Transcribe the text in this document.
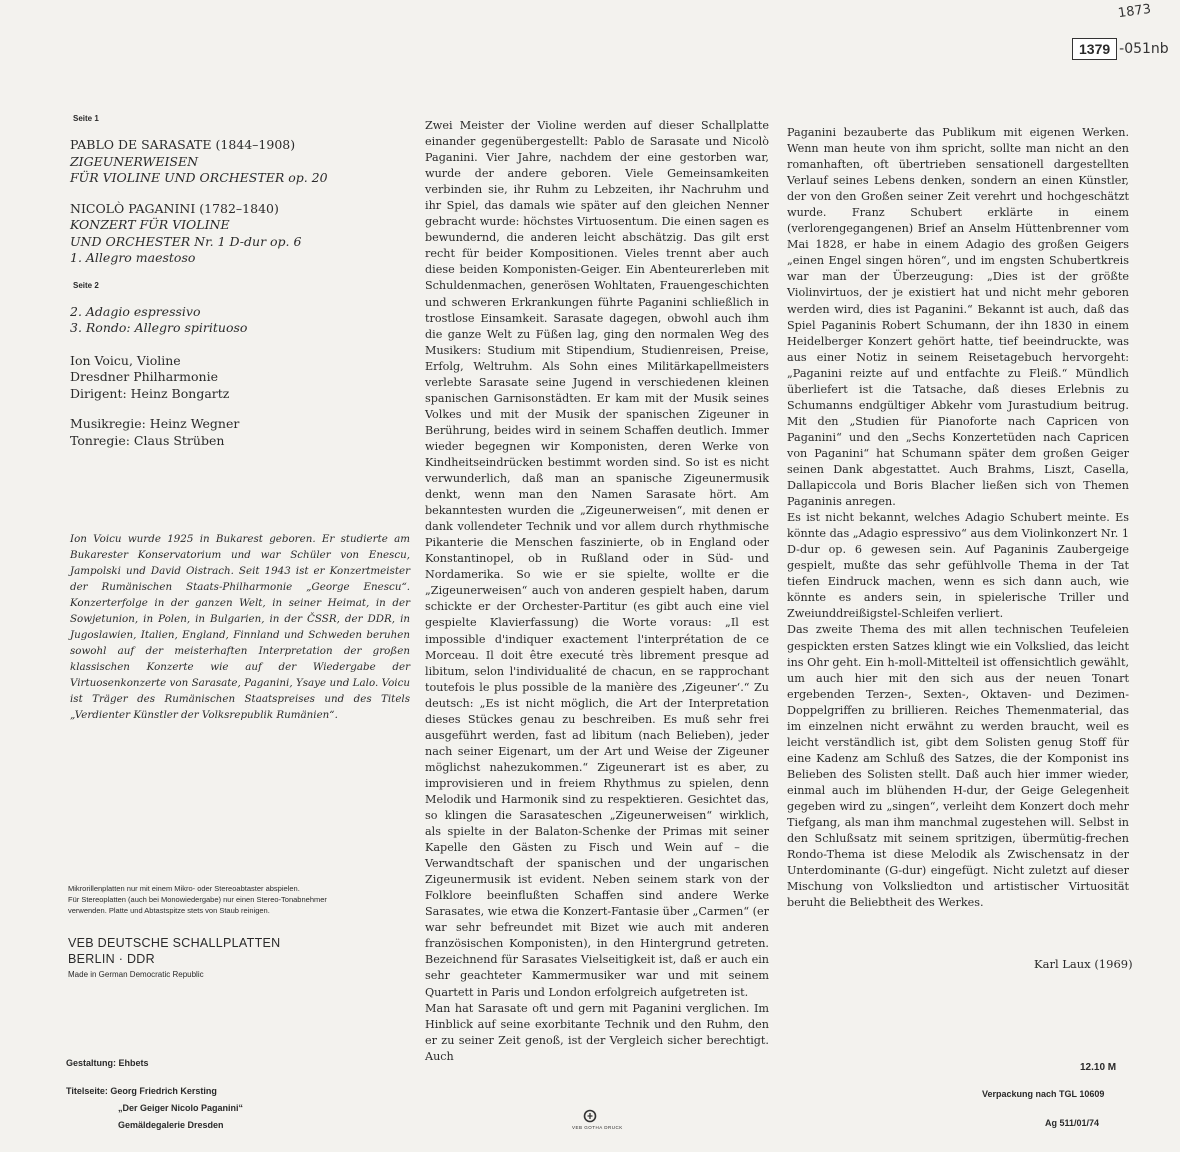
1873
1379 -051nb
Seite 1
PABLO DE SARASATE (1844–1908)
ZIGEUNERWEISEN
FÜR VIOLINE UND ORCHESTER op. 20
NICOLÒ PAGANINI (1782–1840)
KONZERT FÜR VIOLINE
UND ORCHESTER Nr. 1 D-dur op. 6
1. Allegro maestoso
Seite 2
2. Adagio espressivo
3. Rondo: Allegro spirituoso
Ion Voicu, Violine
Dresdner Philharmonie
Dirigent: Heinz Bongartz
Musikregie: Heinz Wegner
Tonregie: Claus Strüben
Ion Voicu wurde 1925 in Bukarest geboren. Er studierte am Bukarester Konservatorium und war Schüler von Enescu, Jampolski und David Oistrach. Seit 1943 ist er Konzertmeister der Rumänischen Staats-Philharmonie „George Enescu“. Konzerterfolge in der ganzen Welt, in seiner Heimat, in der Sowjetunion, in Polen, in Bulgarien, in der ČSSR, der DDR, in Jugoslawien, Italien, England, Finnland und Schweden beruhen sowohl auf der meisterhaften Interpretation der großen klassischen Konzerte wie auf der Wiedergabe der Virtuosenkonzerte von Sarasate, Paganini, Ysaye und Lalo. Voicu ist Träger des Rumänischen Staatspreises und des Titels „Verdienter Künstler der Volksrepublik Rumänien“.
Mikrorillenplatten nur mit einem Mikro- oder Stereoabtaster abspielen.
Für Stereoplatten (auch bei Monowiedergabe) nur einen Stereo-Tonabnehmer
verwenden. Platte und Abtastspitze stets von Staub reinigen.
VEB DEUTSCHE SCHALLPLATTEN
BERLIN · DDR
Made in German Democratic Republic
Gestaltung: Ehbets
Titelseite: Georg Friedrich Kersting
„Der Geiger Nicolo Paganini“
Gemäldegalerie Dresden	VEB GOTHA DRUCK
12.10 M
Verpackung nach TGL 10609
Ag 511/01/74

Zwei Meister der Violine werden auf dieser Schallplatte einander gegenübergestellt: Pablo de Sarasate und Nicolò Paganini. Vier Jahre, nachdem der eine gestorben war, wurde der andere geboren. Viele Gemeinsamkeiten verbinden sie, ihr Ruhm zu Lebzeiten, ihr Nachruhm und ihr Spiel, das damals wie später auf den gleichen Nenner gebracht wurde: höchstes Virtuosentum. Die einen sagen es bewundernd, die anderen leicht abschätzig. Das gilt erst recht für beider Kompositionen. Vieles trennt aber auch diese beiden Komponisten-Geiger. Ein Abenteurerleben mit Schuldenmachen, generösen Wohltaten, Frauengeschichten und schweren Erkrankungen führte Paganini schließlich in trostlose Einsamkeit. Sarasate dagegen, obwohl auch ihm die ganze Welt zu Füßen lag, ging den normalen Weg des Musikers: Studium mit Stipendium, Studienreisen, Preise, Erfolg, Weltruhm. Als Sohn eines Militärkapellmeisters verlebte Sarasate seine Jugend in verschiedenen kleinen spanischen Garnisonstädten. Er kam mit der Musik seines Volkes und mit der Musik der spanischen Zigeuner in Berührung, beides wird in seinem Schaffen deutlich. Immer wieder begegnen wir Komponisten, deren Werke von Kindheitseindrücken bestimmt worden sind. So ist es nicht verwunderlich, daß man an spanische Zigeunermusik denkt, wenn man den Namen Sarasate hört. Am bekanntesten wurden die „Zigeunerweisen“, mit denen er dank vollendeter Technik und vor allem durch rhythmische Pikanterie die Menschen faszinierte, ob in England oder Konstantinopel, ob in Rußland oder in Süd- und Nordamerika. So wie er sie spielte, wollte er die „Zigeunerweisen“ auch von anderen gespielt haben, darum schickte er der Orchester-Partitur (es gibt auch eine viel gespielte Klavierfassung) die Worte voraus: „Il est impossible d'indiquer exactement l'interprétation de ce Morceau. Il doit être executé très librement presque ad libitum, selon l'individualité de chacun, en se rapprochant toutefois le plus possible de la manière des ‚Zigeuner‘.“ Zu deutsch: „Es ist nicht möglich, die Art der Interpretation dieses Stückes genau zu beschreiben. Es muß sehr frei ausgeführt werden, fast ad libitum (nach Belieben), jeder nach seiner Eigenart, um der Art und Weise der Zigeuner möglichst nahezukommen.“ Zigeunerart ist es aber, zu improvisieren und in freiem Rhythmus zu spielen, denn Melodik und Harmonik sind zu respektieren. Gesichtet das, so klingen die Sarasateschen „Zigeunerweisen“ wirklich, als spielte in der Balaton-Schenke der Primas mit seiner Kapelle den Gästen zu Fisch und Wein auf – die Verwandtschaft der spanischen und der ungarischen Zigeunermusik ist evident. Neben seinem stark von der Folklore beeinflußten Schaffen sind andere Werke Sarasates, wie etwa die Konzert-Fantasie über „Carmen“ (er war sehr befreundet mit Bizet wie auch mit anderen französischen Komponisten), in den Hintergrund getreten. Bezeichnend für Sarasates Vielseitigkeit ist, daß er auch ein sehr geachteter Kammermusiker war und mit seinem Quartett in Paris und London erfolgreich aufgetreten ist.

Man hat Sarasate oft und gern mit Paganini verglichen. Im Hinblick auf seine exorbitante Technik und den Ruhm, den er zu seiner Zeit genoß, ist der Vergleich sicher berechtigt. Auch

Paganini bezauberte das Publikum mit eigenen Werken. Wenn man heute von ihm spricht, sollte man nicht an den romanhaften, oft übertrieben sensationell dargestellten Verlauf seines Lebens denken, sondern an einen Künstler, der von den Großen seiner Zeit verehrt und hochgeschätzt wurde. Franz Schubert erklärte in einem (verlorengegangenen) Brief an Anselm Hüttenbrenner vom Mai 1828, er habe in einem Adagio des großen Geigers „einen Engel singen hören“, und im engsten Schubertkreis war man der Überzeugung: „Dies ist der größte Violinvirtuos, der je existiert hat und nicht mehr geboren werden wird, dies ist Paganini.“ Bekannt ist auch, daß das Spiel Paganinis Robert Schumann, der ihn 1830 in einem Heidelberger Konzert gehört hatte, tief beeindruckte, was aus einer Notiz in seinem Reisetagebuch hervorgeht: „Paganini reizte auf und entfachte zu Fleiß.“ Mündlich überliefert ist die Tatsache, daß dieses Erlebnis zu Schumanns endgültiger Abkehr vom Jurastudium beitrug. Mit den „Studien für Pianoforte nach Capricen von Paganini“ und den „Sechs Konzertetüden nach Capricen von Paganini“ hat Schumann später dem großen Geiger seinen Dank abgestattet. Auch Brahms, Liszt, Casella, Dallapiccola und Boris Blacher ließen sich von Themen Paganinis anregen.

Es ist nicht bekannt, welches Adagio Schubert meinte. Es könnte das „Adagio espressivo“ aus dem Violinkonzert Nr. 1 D-dur op. 6 gewesen sein. Auf Paganinis Zaubergeige gespielt, mußte das sehr gefühlvolle Thema in der Tat tiefen Eindruck machen, wenn es sich dann auch, wie könnte es anders sein, in spielerische Triller und Zweiunddreißigstel-Schleifen verliert.

Das zweite Thema des mit allen technischen Teufeleien gespickten ersten Satzes klingt wie ein Volkslied, das leicht ins Ohr geht. Ein h-moll-Mittelteil ist offensichtlich gewählt, um auch hier mit den sich aus der neuen Tonart ergebenden Terzen-, Sexten-, Oktaven- und Dezimen-Doppelgriffen zu brillieren. Reiches Themenmaterial, das im einzelnen nicht erwähnt zu werden braucht, weil es leicht verständlich ist, gibt dem Solisten genug Stoff für eine Kadenz am Schluß des Satzes, die der Komponist ins Belieben des Solisten stellt. Daß auch hier immer wieder, einmal auch im blühenden H-dur, der Geige Gelegenheit gegeben wird zu „singen“, verleiht dem Konzert doch mehr Tiefgang, als man ihm manchmal zugestehen will. Selbst in den Schlußsatz mit seinem spritzigen, übermütig-frechen Rondo-Thema ist diese Melodik als Zwischensatz in der Unterdominante (G-dur) eingefügt. Nicht zuletzt auf dieser Mischung von Volksliedton und artistischer Virtuosität beruht die Beliebtheit des Werkes.

Karl Laux (1969)
